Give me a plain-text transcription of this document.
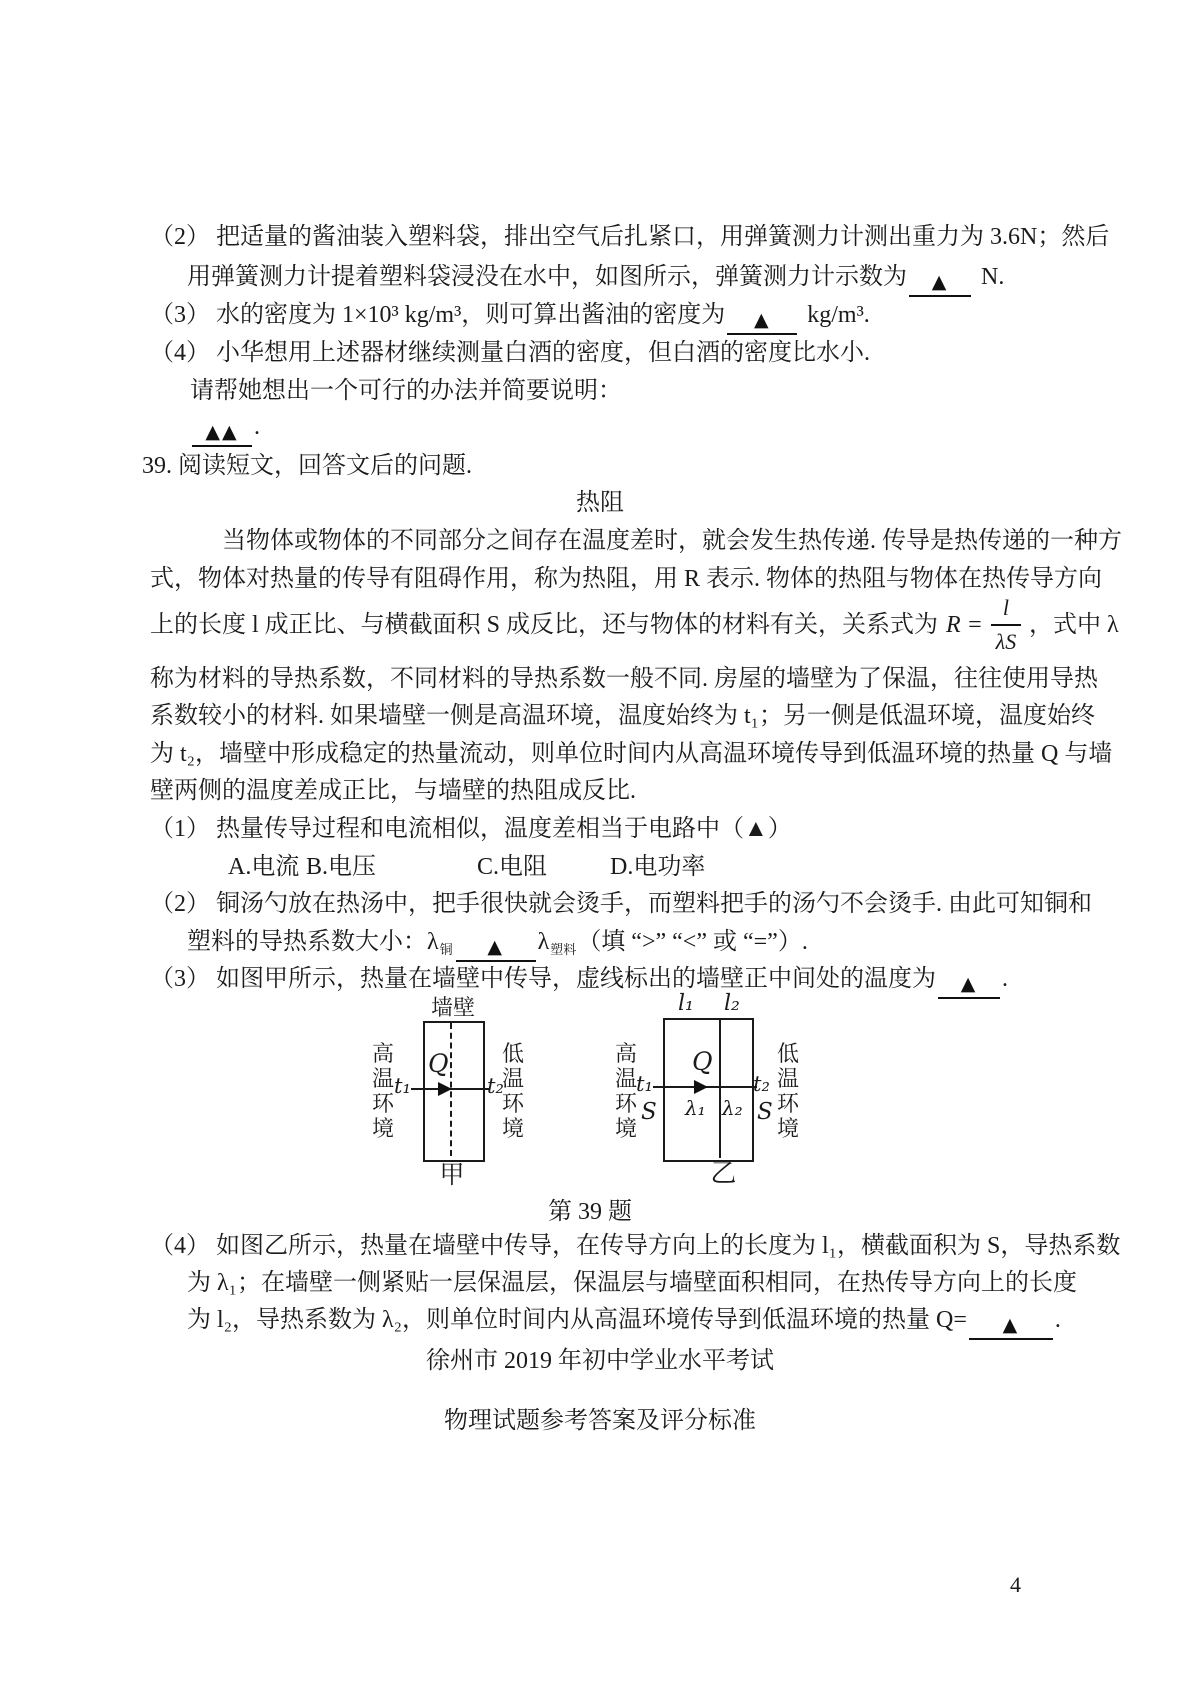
（2） 把适量的酱油装入塑料袋，排出空气后扎紧口，用弹簧测力计测出重力为 3.6N；然后
用弹簧测力计提着塑料袋浸没在水中，如图所示，弹簧测力计示数为 ▲ N.
（3） 水的密度为 1×10³ kg/m³，则可算出酱油的密度为 ▲ kg/m³.
（4） 小华想用上述器材继续测量白酒的密度，但白酒的密度比水小.
请帮她想出一个可行的办法并简要说明：
▲▲ .
39. 阅读短文，回答文后的问题.
热阻
当物体或物体的不同部分之间存在温度差时，就会发生热传递. 传导是热传递的一种方
式，物体对热量的传导有阻碍作用，称为热阻，用 R 表示. 物体的热阻与物体在热传导方向
上的长度 l 成正比、与横截面积 S 成反比，还与物体的材料有关，关系式为 $R = \frac{l}{\lambda S}$ ，式中 λ
称为材料的导热系数，不同材料的导热系数一般不同. 房屋的墙壁为了保温，往往使用导热
系数较小的材料. 如果墙壁一侧是高温环境，温度始终为 t₁；另一侧是低温环境，温度始终
为 t₂，墙壁中形成稳定的热量流动，则单位时间内从高温环境传导到低温环境的热量 Q 与墙
壁两侧的温度差成正比，与墙壁的热阻成反比.
（1） 热量传导过程和电流相似，温度差相当于电路中（▲）
A.电流 B.电压	C.电阻	D.电功率
（2） 铜汤勺放在热汤中，把手很快就会烫手，而塑料把手的汤勺不会烫手. 由此可知铜和
塑料的导热系数大小：$\lambda_铜$ ▲ $\lambda_{塑料}$（填 “>” “<” 或 “=”）.
（3） 如图甲所示，热量在墙壁中传导，虚线标出的墙壁正中间处的温度为 ▲ .
墙壁
Q
t₁	t₂
高温环境
低温环境
甲
l₁ l₂
Q
λ₁ λ₂
t₁
S
t₂
S
高温环境
低温环境
乙
第 39 题
（4） 如图乙所示，热量在墙壁中传导，在传导方向上的长度为 l₁，横截面积为 S，导热系数
为 λ₁；在墙壁一侧紧贴一层保温层，保温层与墙壁面积相同，在热传导方向上的长度
为 l₂，导热系数为 λ₂，则单位时间内从高温环境传导到低温环境的热量 Q= ▲ .
徐州市 2019 年初中学业水平考试
物理试题参考答案及评分标准
4
